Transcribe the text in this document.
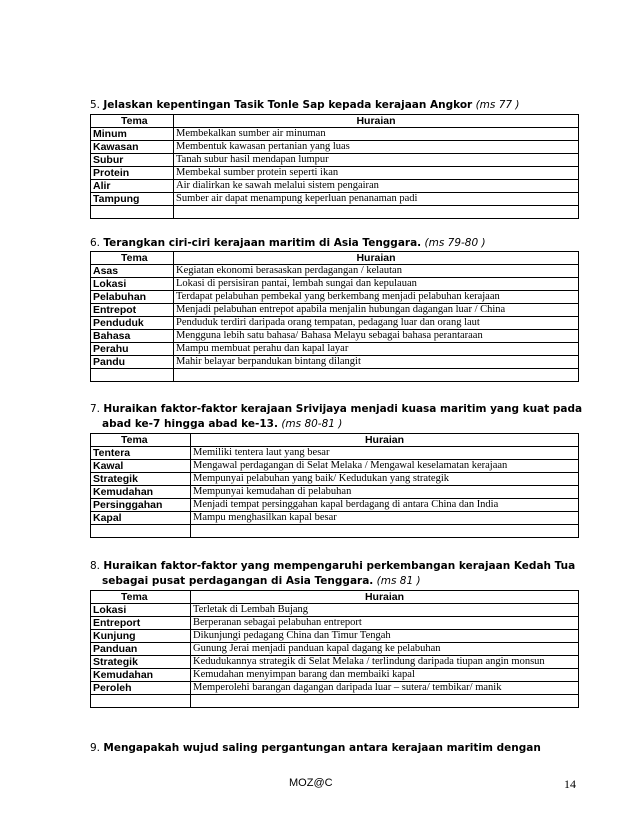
5. Jelaskan kepentingan Tasik Tonle Sap kepada kerajaan Angkor (ms 77 )
Tema	Huraian
Minum	Membekalkan sumber air minuman
Kawasan	Membentuk kawasan pertanian yang luas
Subur	Tanah subur hasil mendapan lumpur
Protein	Membekal sumber protein seperti ikan
Alir	Air dialirkan ke sawah melalui sistem pengairan
Tampung	Sumber air dapat menampung keperluan penanaman padi

6. Terangkan ciri-ciri kerajaan maritim di Asia Tenggara. (ms 79-80 )
Tema	Huraian
Asas	Kegiatan ekonomi berasaskan perdagangan / kelautan
Lokasi	Lokasi di persisiran pantai, lembah sungai dan kepulauan
Pelabuhan	Terdapat pelabuhan pembekal yang berkembang menjadi pelabuhan kerajaan
Entrepot	Menjadi pelabuhan entrepot apabila menjalin hubungan dagangan luar / China
Penduduk	Penduduk terdiri daripada orang tempatan, pedagang luar dan orang laut
Bahasa	Mengguna lebih satu bahasa/ Bahasa Melayu sebagai bahasa perantaraan
Perahu	Mampu membuat perahu dan kapal layar
Pandu	Mahir belayar berpandukan bintang dilangit

7. Huraikan faktor-faktor kerajaan Srivijaya menjadi kuasa maritim yang kuat pada
abad ke-7 hingga abad ke-13. (ms 80-81 )
Tema	Huraian
Tentera	Memiliki tentera laut yang besar
Kawal	Mengawal perdagangan di Selat Melaka / Mengawal keselamatan kerajaan
Strategik	Mempunyai pelabuhan yang baik/ Kedudukan yang strategik
Kemudahan	Mempunyai kemudahan di pelabuhan
Persinggahan	Menjadi tempat persinggahan kapal berdagang di antara China dan India
Kapal	Mampu menghasilkan kapal besar

8. Huraikan faktor-faktor yang mempengaruhi perkembangan kerajaan Kedah Tua
sebagai pusat perdagangan di Asia Tenggara. (ms 81 )
Tema	Huraian
Lokasi	Terletak di Lembah Bujang
Entreport	Berperanan sebagai pelabuhan entreport
Kunjung	Dikunjungi pedagang China dan Timur Tengah
Panduan	Gunung Jerai menjadi panduan kapal dagang ke pelabuhan
Strategik	Kedudukannya strategik di Selat Melaka / terlindung daripada tiupan angin monsun
Kemudahan	Kemudahan menyimpan barang dan membaiki kapal
Peroleh	Memperolehi barangan dagangan daripada luar – sutera/ tembikar/ manik

9. Mengapakah wujud saling pergantungan antara kerajaan maritim dengan
MOZ@C	14
